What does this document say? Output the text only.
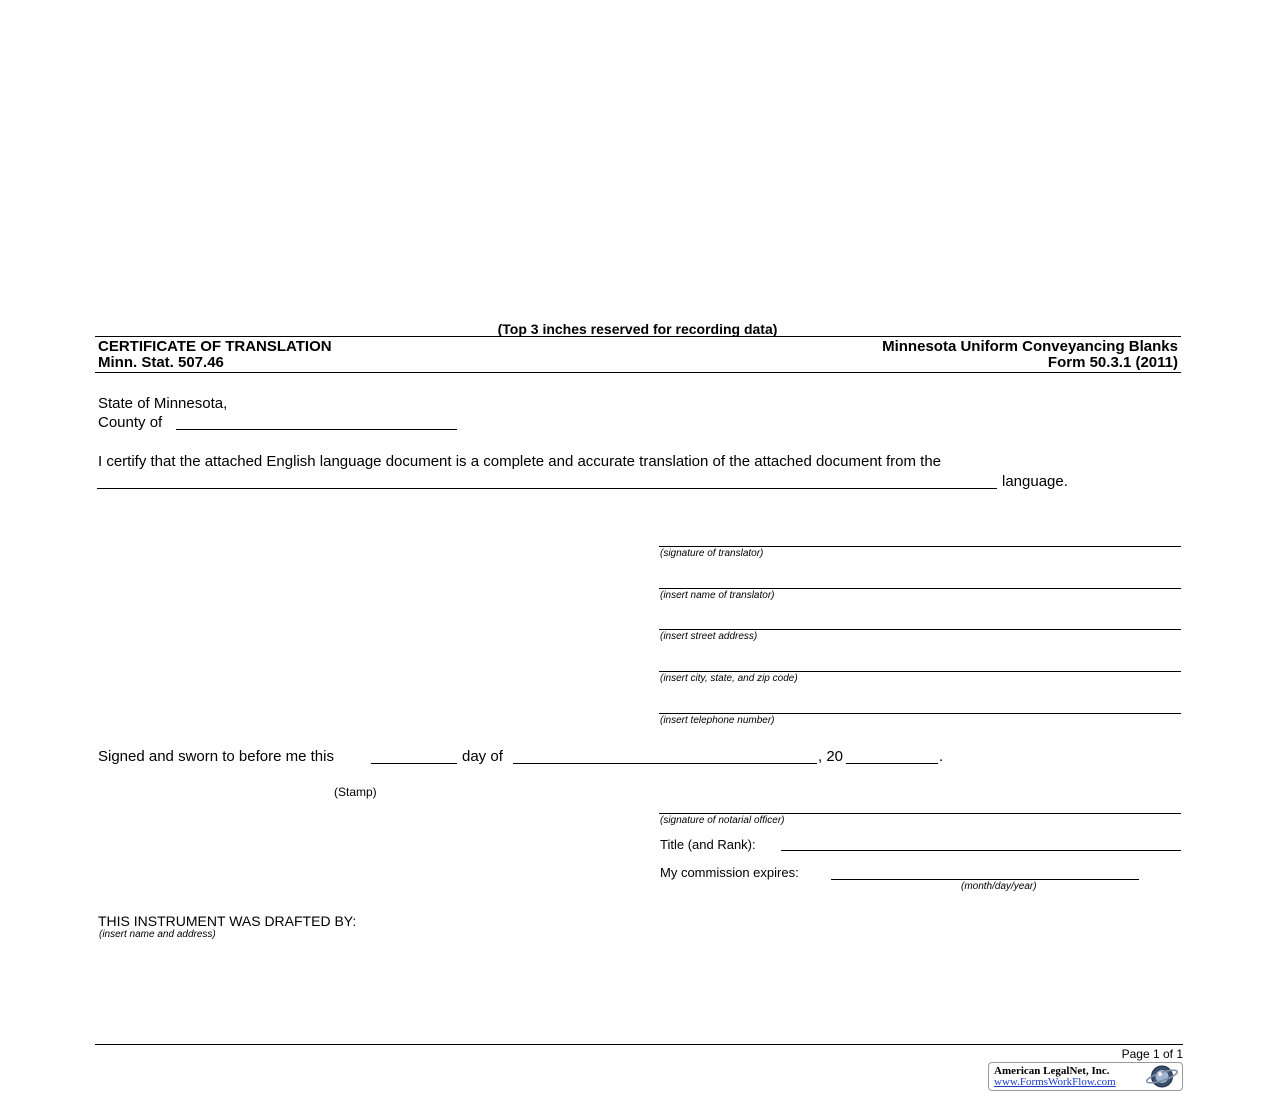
(Top 3 inches reserved for recording data)
CERTIFICATE OF TRANSLATION
Minn. Stat. 507.46
Minnesota Uniform Conveyancing Blanks
Form 50.3.1 (2011)
State of Minnesota,
County of
I certify that the attached English language document is a complete and accurate translation of the attached document from the
language.
(signature of translator)
(insert name of translator)
(insert street address)
(insert city, state, and zip code)
(insert telephone number)
Signed and sworn to before me this	day of	, 20	.
(Stamp)
(signature of notarial officer)
Title (and Rank):
My commission expires:
(month/day/year)
THIS INSTRUMENT WAS DRAFTED BY:
(insert name and address)
Page 1 of 1
American LegalNet, Inc.
www.FormsWorkFlow.com
